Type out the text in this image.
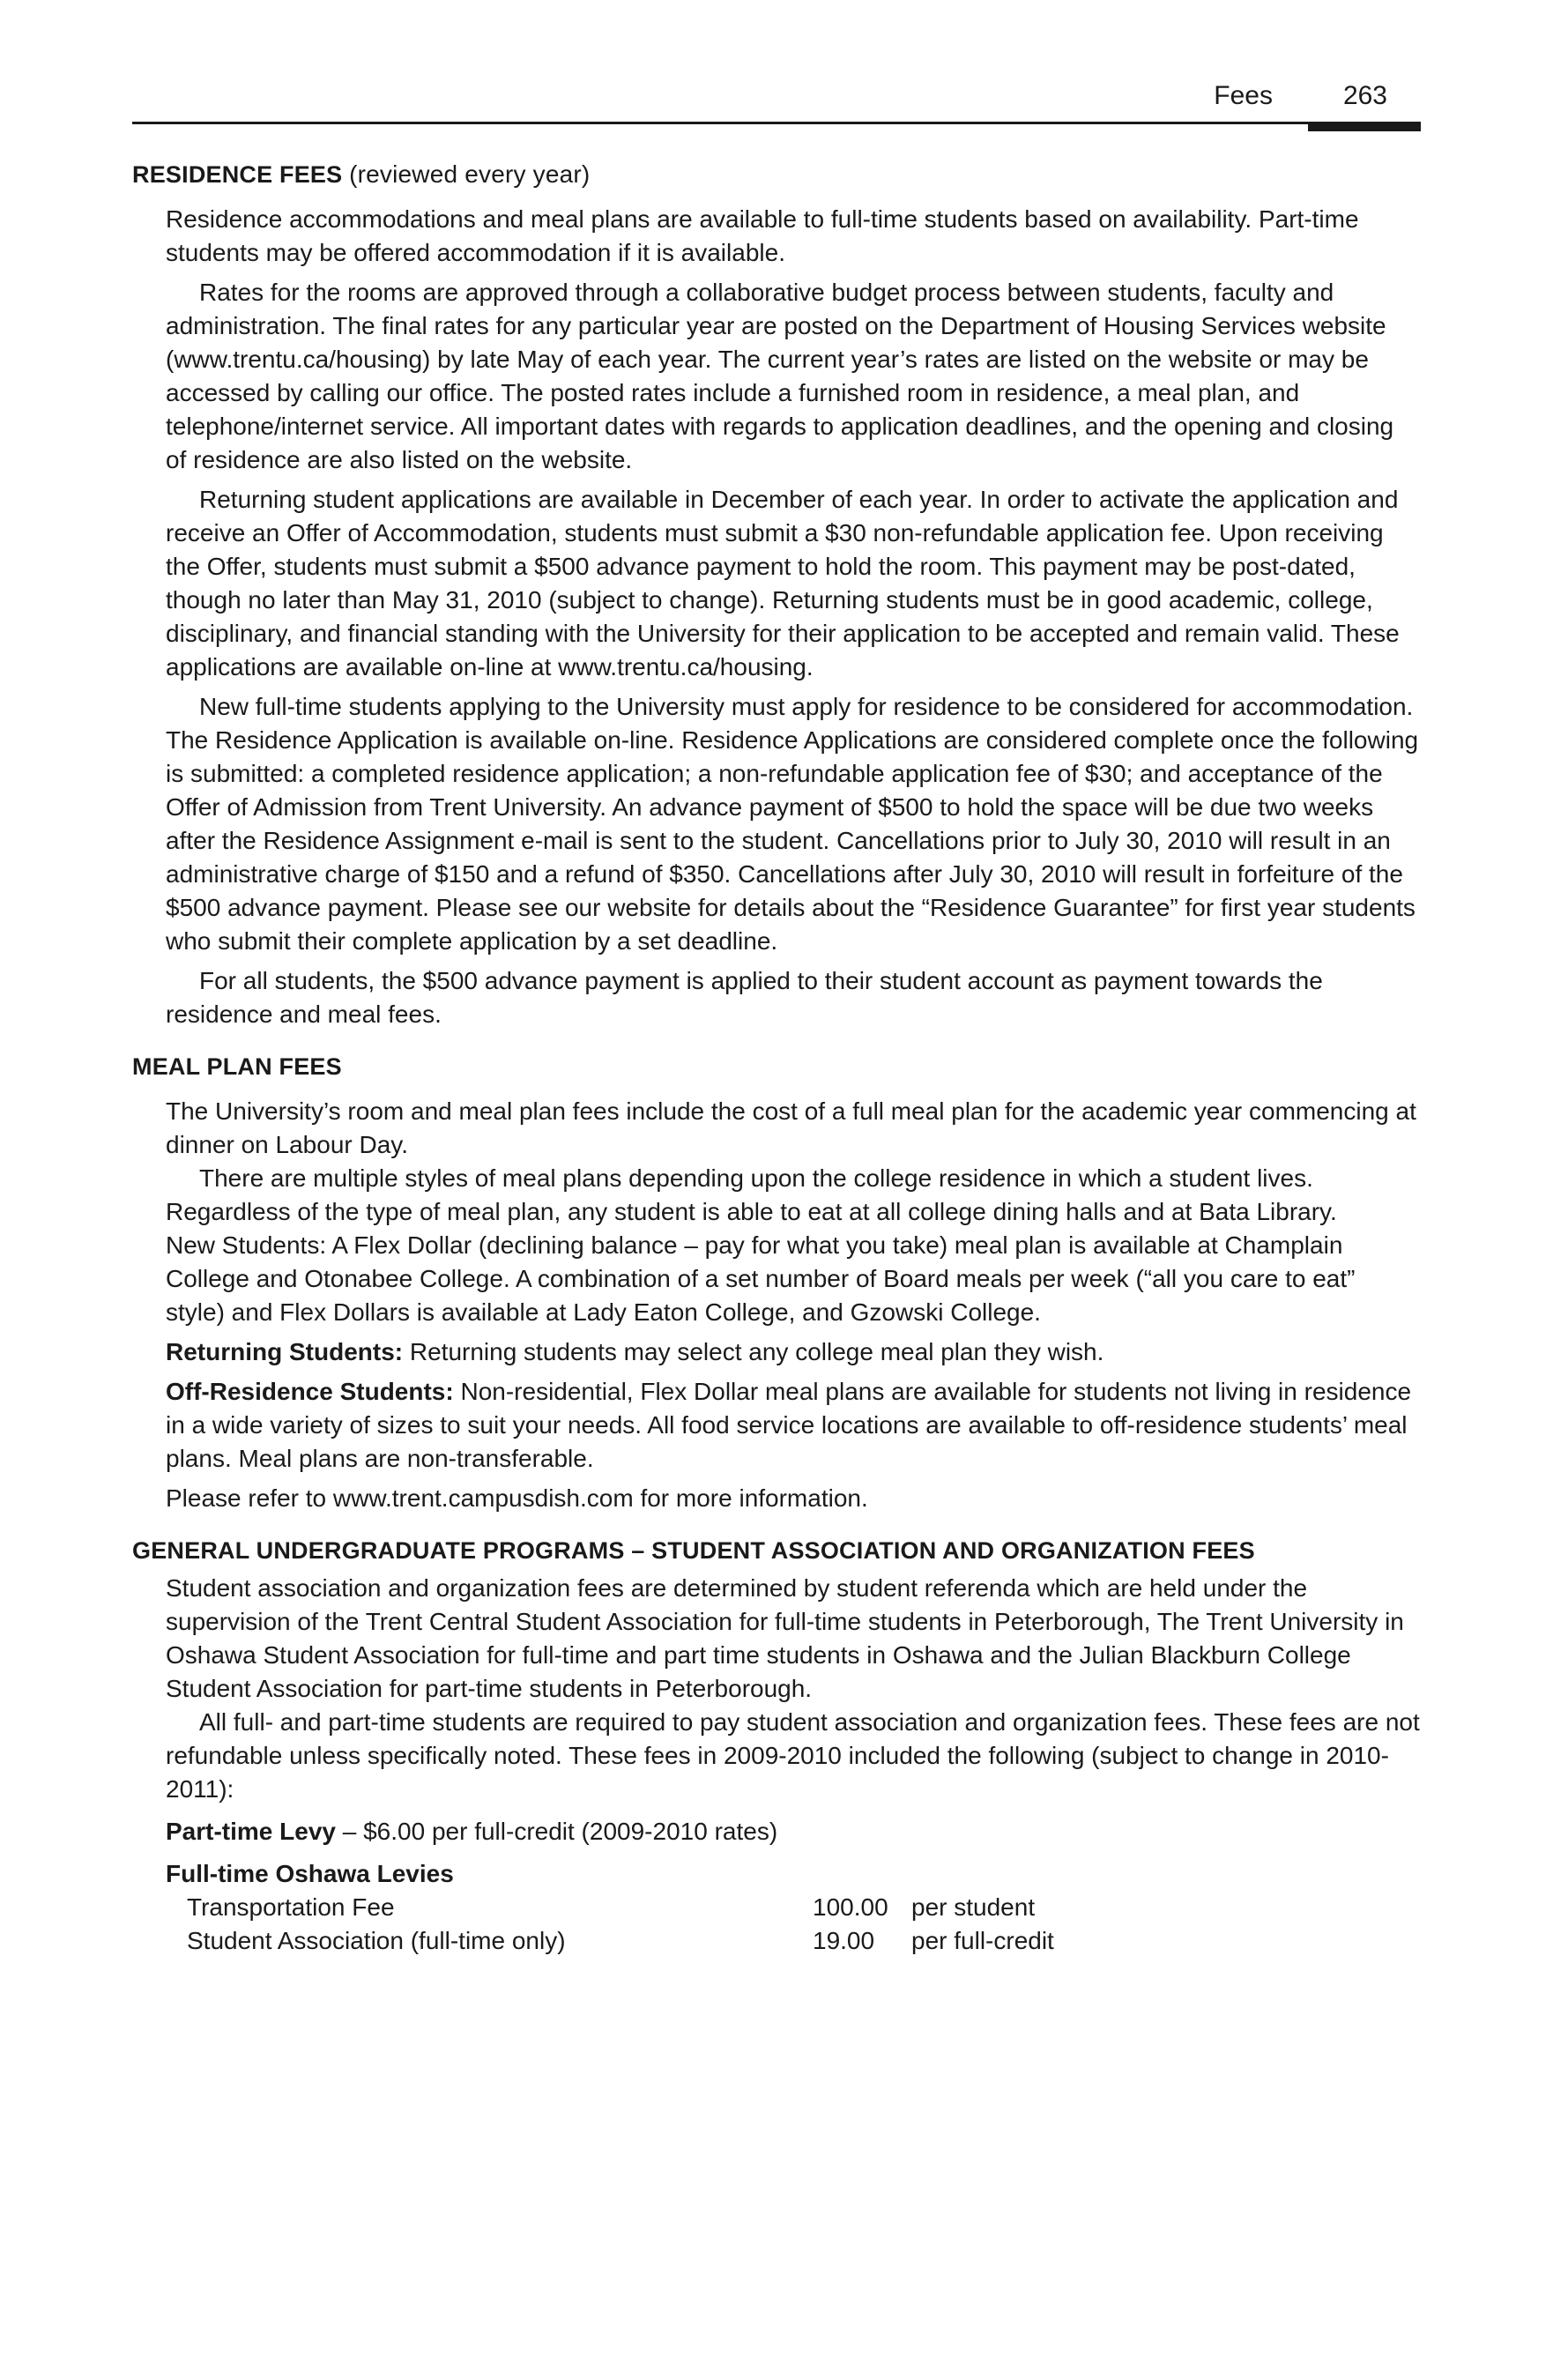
Fees	263
RESIDENCE FEES (reviewed every year)

Residence accommodations and meal plans are available to full-time students based on availability. Part-time students may be offered accommodation if it is available.

Rates for the rooms are approved through a collaborative budget process between students, faculty and administration. The final rates for any particular year are posted on the Department of Housing Services website (www.trentu.ca/housing) by late May of each year. The current year’s rates are listed on the website or may be accessed by calling our office. The posted rates include a furnished room in residence, a meal plan, and telephone/internet service. All important dates with regards to application deadlines, and the opening and closing of residence are also listed on the website.

Returning student applications are available in December of each year. In order to activate the application and receive an Offer of Accommodation, students must submit a $30 non-refundable application fee. Upon receiving the Offer, students must submit a $500 advance payment to hold the room. This payment may be post-dated, though no later than May 31, 2010 (subject to change). Returning students must be in good academic, college, disciplinary, and financial standing with the University for their application to be accepted and remain valid. These applications are available on-line at www.trentu.ca/housing.

New full-time students applying to the University must apply for residence to be considered for accommodation. The Residence Application is available on-line. Residence Applications are considered complete once the following is submitted: a completed residence application; a non-refundable application fee of $30; and acceptance of the Offer of Admission from Trent University. An advance payment of $500 to hold the space will be due two weeks after the Residence Assignment e-mail is sent to the student. Cancellations prior to July 30, 2010 will result in an administrative charge of $150 and a refund of $350. Cancellations after July 30, 2010 will result in forfeiture of the $500 advance payment. Please see our website for details about the “Residence Guarantee” for first year students who submit their complete application by a set deadline.

For all students, the $500 advance payment is applied to their student account as payment towards the residence and meal fees.

MEAL PLAN FEES

The University’s room and meal plan fees include the cost of a full meal plan for the academic year commencing at dinner on Labour Day.

There are multiple styles of meal plans depending upon the college residence in which a student lives. Regardless of the type of meal plan, any student is able to eat at all college dining halls and at Bata Library.

New Students: A Flex Dollar (declining balance – pay for what you take) meal plan is available at Champlain College and Otonabee College. A combination of a set number of Board meals per week (“all you care to eat” style) and Flex Dollars is available at Lady Eaton College, and Gzowski College.

Returning Students: Returning students may select any college meal plan they wish.

Off-Residence Students: Non-residential, Flex Dollar meal plans are available for students not living in residence in a wide variety of sizes to suit your needs. All food service locations are available to off-residence students’ meal plans. Meal plans are non-transferable.

Please refer to www.trent.campusdish.com for more information.

GENERAL UNDERGRADUATE PROGRAMS – STUDENT ASSOCIATION AND ORGANIZATION FEES

Student association and organization fees are determined by student referenda which are held under the supervision of the Trent Central Student Association for full-time students in Peterborough, The Trent University in Oshawa Student Association for full-time and part time students in Oshawa and the Julian Blackburn College Student Association for part-time students in Peterborough.

All full- and part-time students are required to pay student association and organization fees. These fees are not refundable unless specifically noted. These fees in 2009-2010 included the following (subject to change in 2010-2011):

Part-time Levy – $6.00 per full-credit (2009-2010 rates)

Full-time Oshawa Levies
Transportation Fee	100.00 per student
Student Association (full-time only)	19.00	per full-credit
